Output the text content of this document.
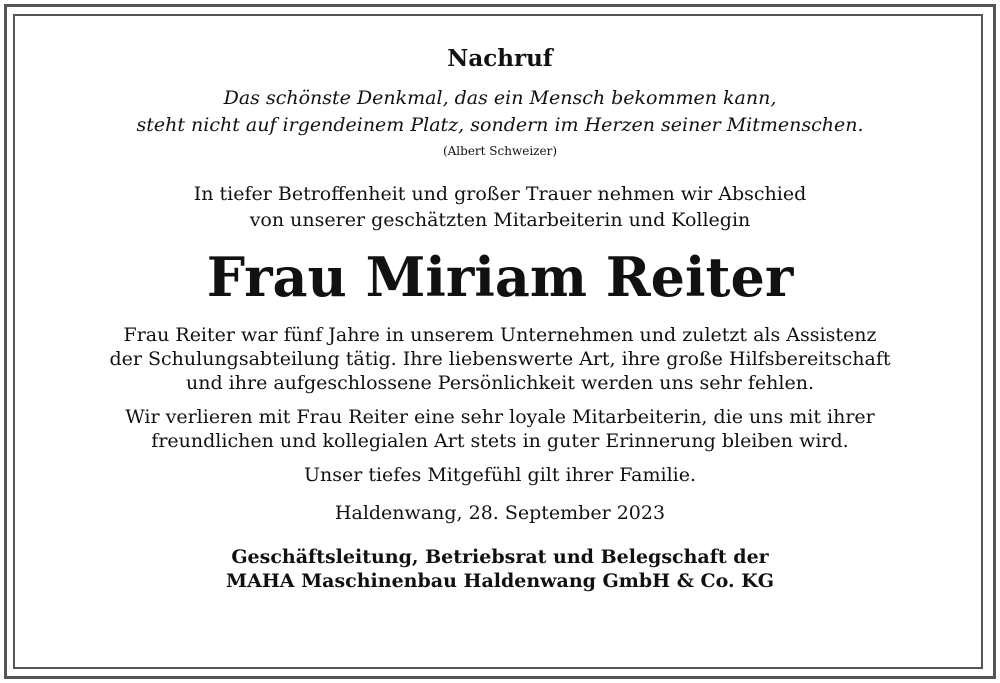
Nachruf
Das schönste Denkmal, das ein Mensch bekommen kann,
steht nicht auf irgendeinem Platz, sondern im Herzen seiner Mitmenschen.
(Albert Schweizer)
In tiefer Betroffenheit und großer Trauer nehmen wir Abschied
von unserer geschätzten Mitarbeiterin und Kollegin
Frau Miriam Reiter
Frau Reiter war fünf Jahre in unserem Unternehmen und zuletzt als Assistenz
der Schulungsabteilung tätig. Ihre liebenswerte Art, ihre große Hilfsbereitschaft
und ihre aufgeschlossene Persönlichkeit werden uns sehr fehlen.
Wir verlieren mit Frau Reiter eine sehr loyale Mitarbeiterin, die uns mit ihrer
freundlichen und kollegialen Art stets in guter Erinnerung bleiben wird.
Unser tiefes Mitgefühl gilt ihrer Familie.
Haldenwang, 28. September 2023
Geschäftsleitung, Betriebsrat und Belegschaft der
MAHA Maschinenbau Haldenwang GmbH & Co. KG
